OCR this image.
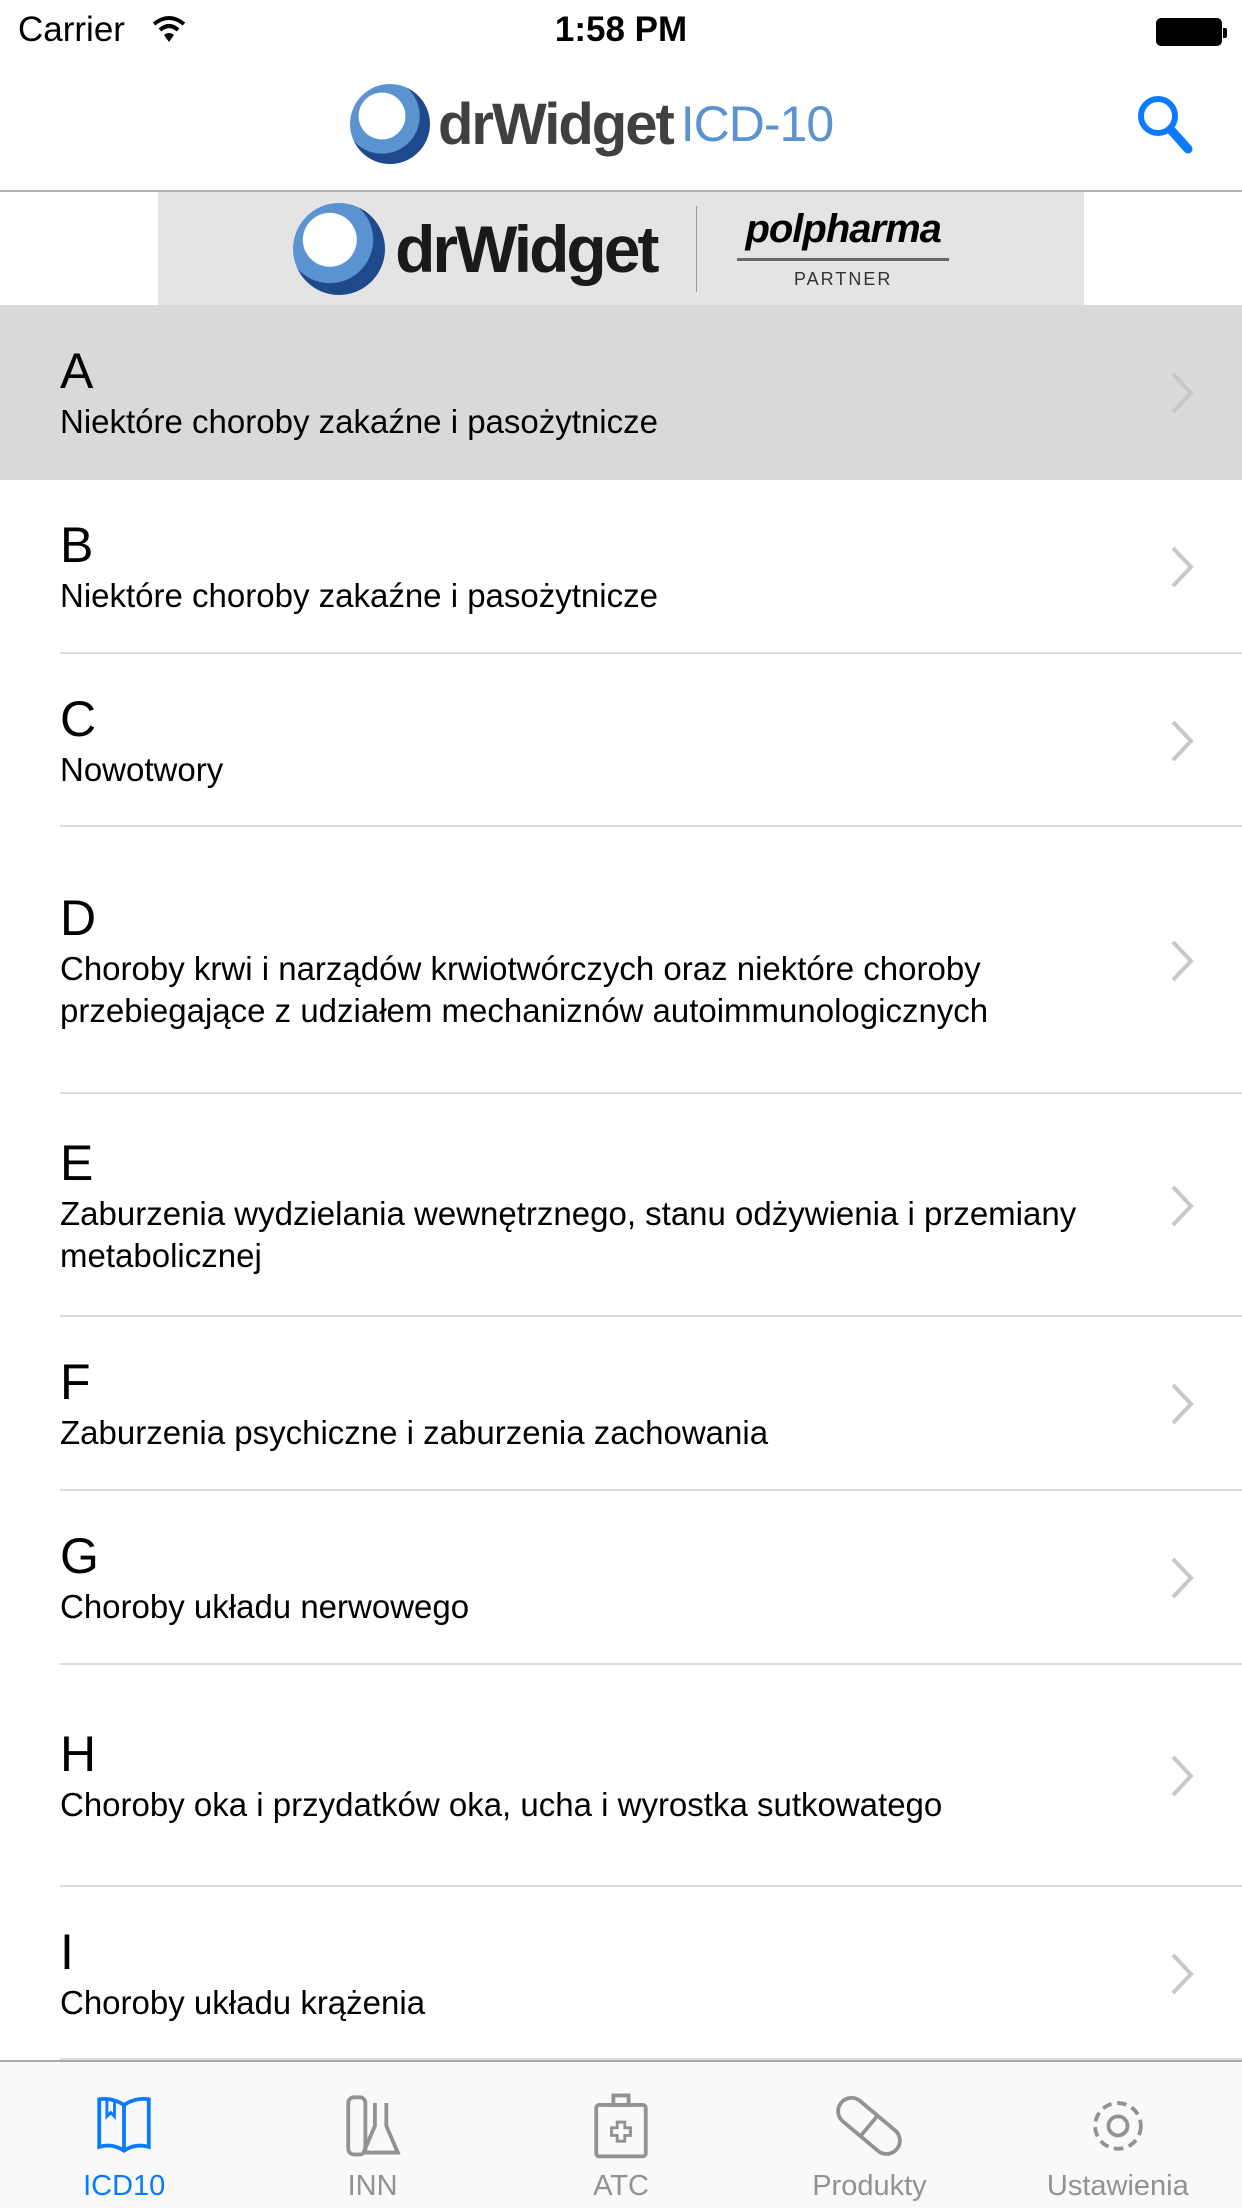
Carrier	1:58 PM
drWidget ICD-10
drWidget polpharma
PARTNER
A
Niektóre choroby zakaźne i pasożytnicze
B
Niektóre choroby zakaźne i pasożytnicze
C
Nowotwory
D
Choroby krwi i narządów krwiotwórczych oraz niektóre choroby przebiegające z udziałem mechaniznów autoimmunologicznych
E
Zaburzenia wydzielania wewnętrznego, stanu odżywienia i przemiany metabolicznej
F
Zaburzenia psychiczne i zaburzenia zachowania
G
Choroby układu nerwowego
H
Choroby oka i przydatków oka, ucha i wyrostka sutkowatego
I
Choroby układu krążenia
ICD10	INN	ATC	Produkty	Ustawienia
